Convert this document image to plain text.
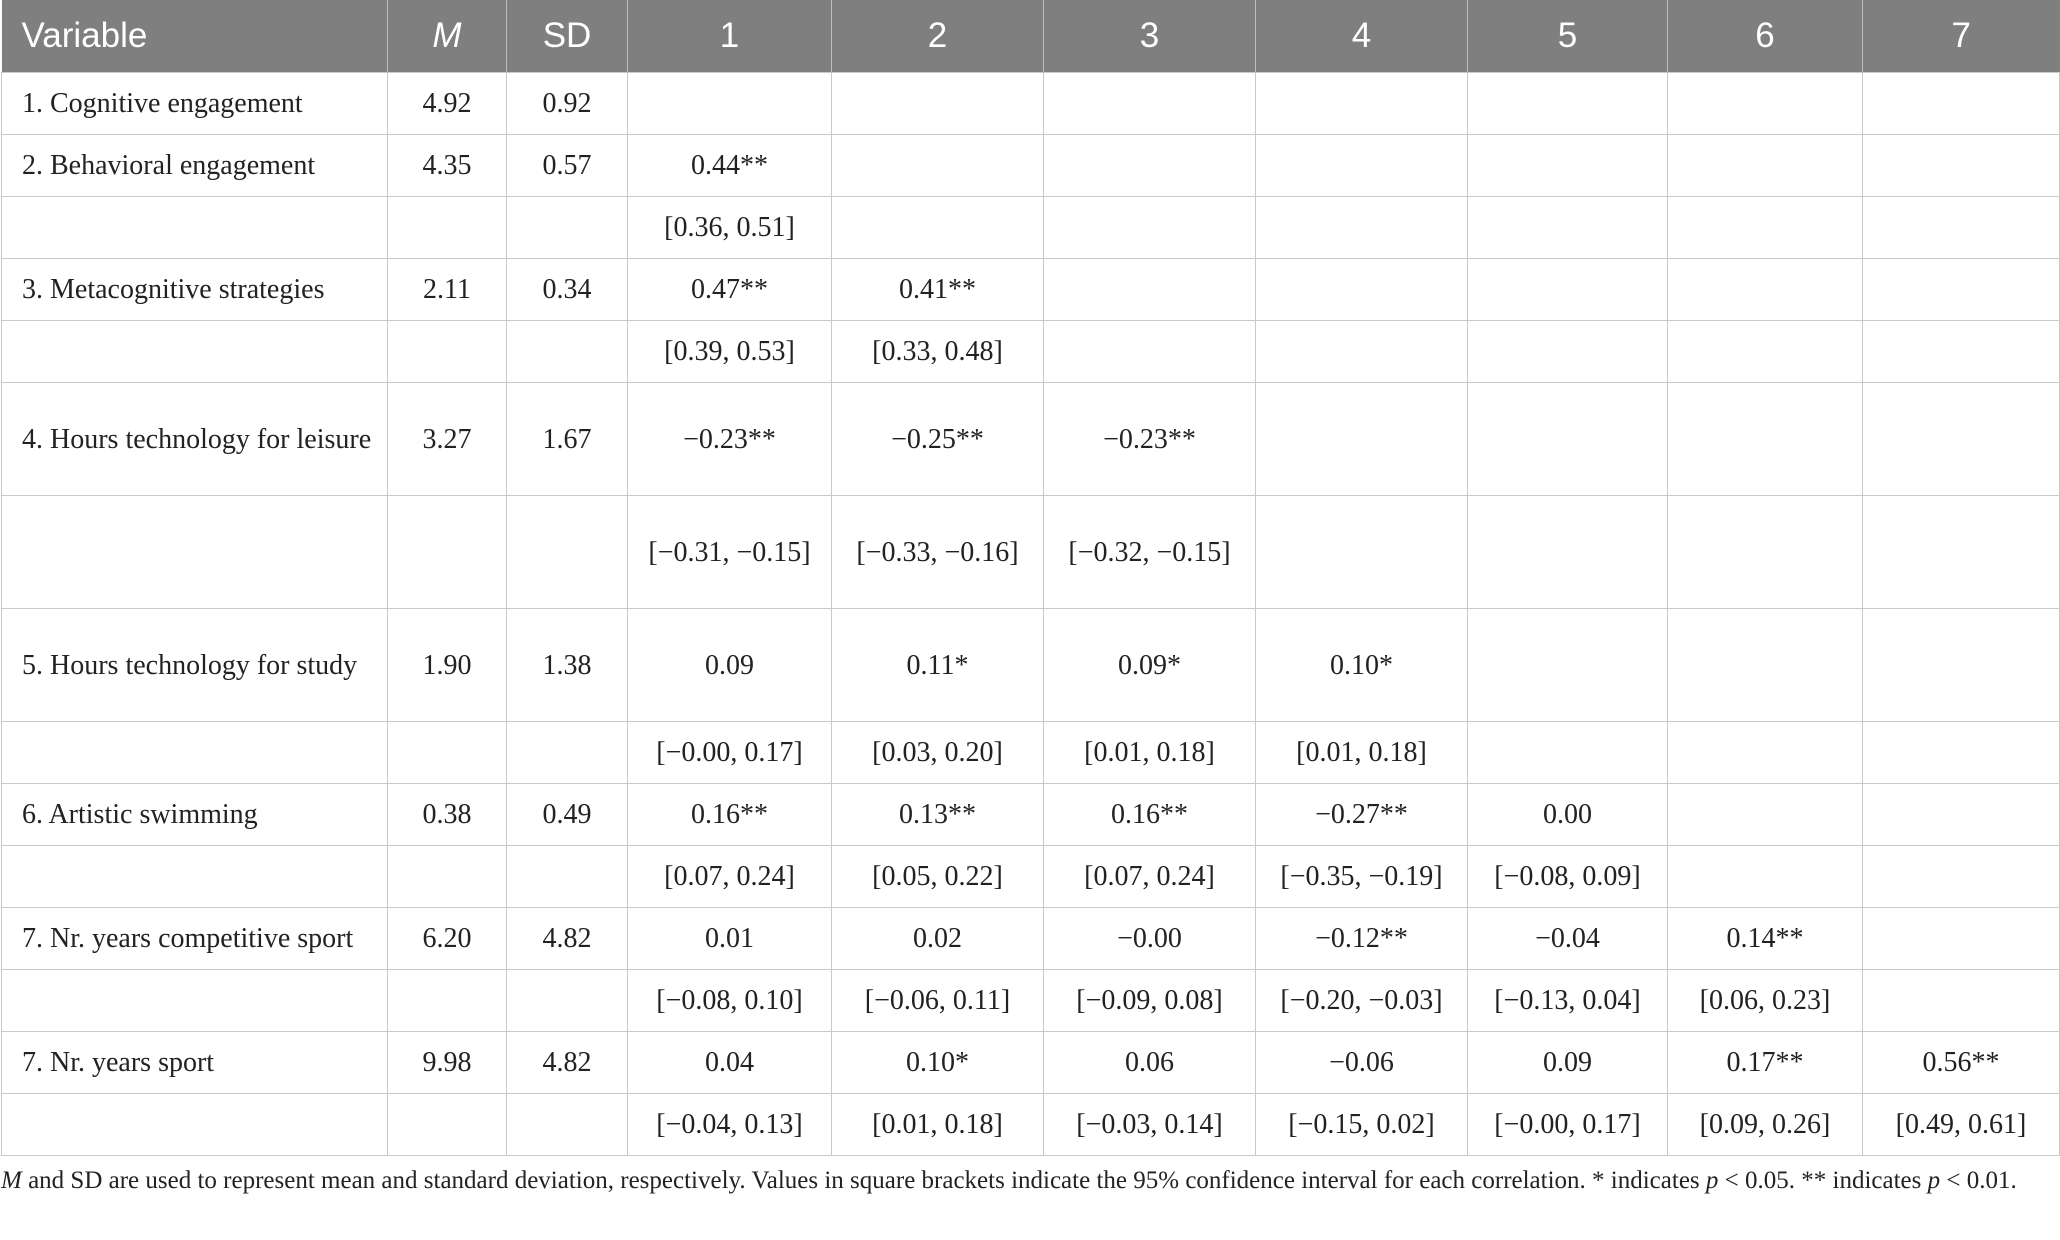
Variable	M	SD	1	2	3	4	5	6	7
1. Cognitive engagement	4.92	0.92							
2. Behavioral engagement	4.35	0.57	0.44**						
			[0.36, 0.51]						
3. Metacognitive strategies	2.11	0.34	0.47**	0.41**					
			[0.39, 0.53]	[0.33, 0.48]					
4. Hours technology for leisure	3.27	1.67	−0.23**	−0.25**	−0.23**				
			[−0.31, −0.15]	[−0.33, −0.16]	[−0.32, −0.15]				
5. Hours technology for study	1.90	1.38	0.09	0.11*	0.09*	0.10*			
			[−0.00, 0.17]	[0.03, 0.20]	[0.01, 0.18]	[0.01, 0.18]			
6. Artistic swimming	0.38	0.49	0.16**	0.13**	0.16**	−0.27**	0.00		
			[0.07, 0.24]	[0.05, 0.22]	[0.07, 0.24]	[−0.35, −0.19]	[−0.08, 0.09]		
7. Nr. years competitive sport	6.20	4.82	0.01	0.02	−0.00	−0.12**	−0.04	0.14**	
			[−0.08, 0.10]	[−0.06, 0.11]	[−0.09, 0.08]	[−0.20, −0.03]	[−0.13, 0.04]	[0.06, 0.23]	
7. Nr. years sport	9.98	4.82	0.04	0.10*	0.06	−0.06	0.09	0.17**	0.56**
			[−0.04, 0.13]	[0.01, 0.18]	[−0.03, 0.14]	[−0.15, 0.02]	[−0.00, 0.17]	[0.09, 0.26]	[0.49, 0.61]
M and SD are used to represent mean and standard deviation, respectively. Values in square brackets indicate the 95% confidence interval for each correlation. * indicates p < 0.05. ** indicates p < 0.01.
